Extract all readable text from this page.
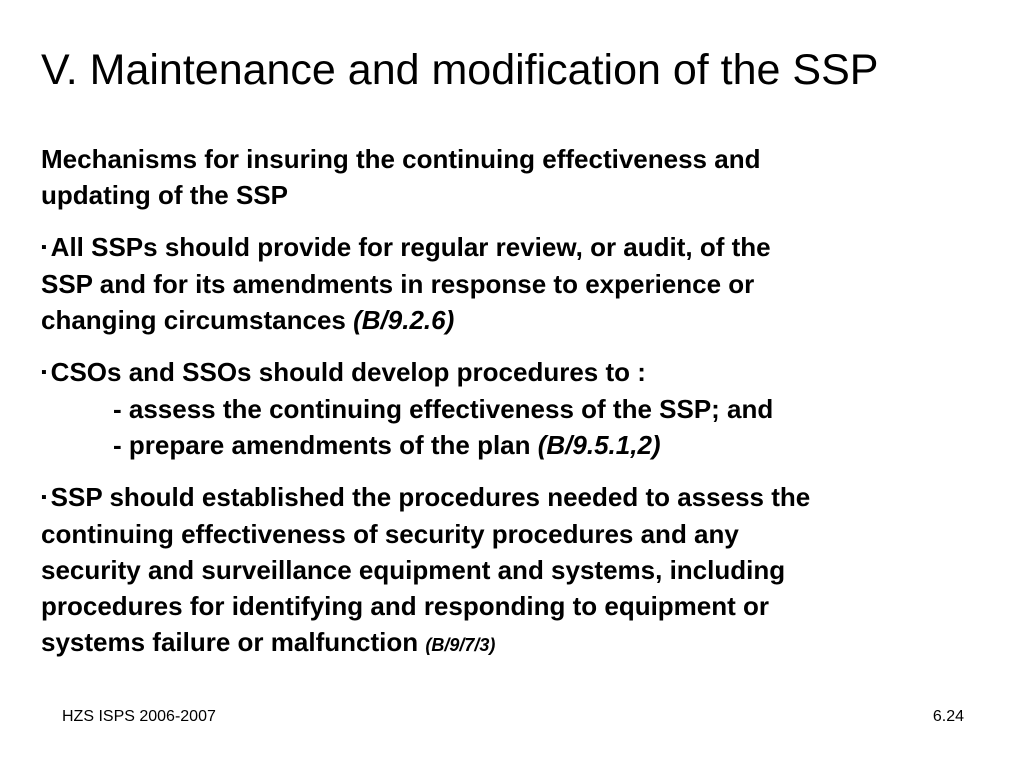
V. Maintenance and modification of the SSP
Mechanisms for insuring the continuing effectiveness and
updating of the SSP
▪ All SSPs should provide for regular review, or audit, of the
SSP and for its amendments in response to experience or
changing circumstances (B/9.2.6)
▪ CSOs and SSOs should develop procedures to :
- assess the continuing effectiveness of the SSP; and
- prepare amendments of the plan (B/9.5.1,2)
▪ SSP should established the procedures needed to assess the
continuing effectiveness of security procedures and any
security and surveillance equipment and systems, including
procedures for identifying and responding to equipment or
systems failure or malfunction (B/9/7/3)
HZS ISPS 2006-2007	6.24
